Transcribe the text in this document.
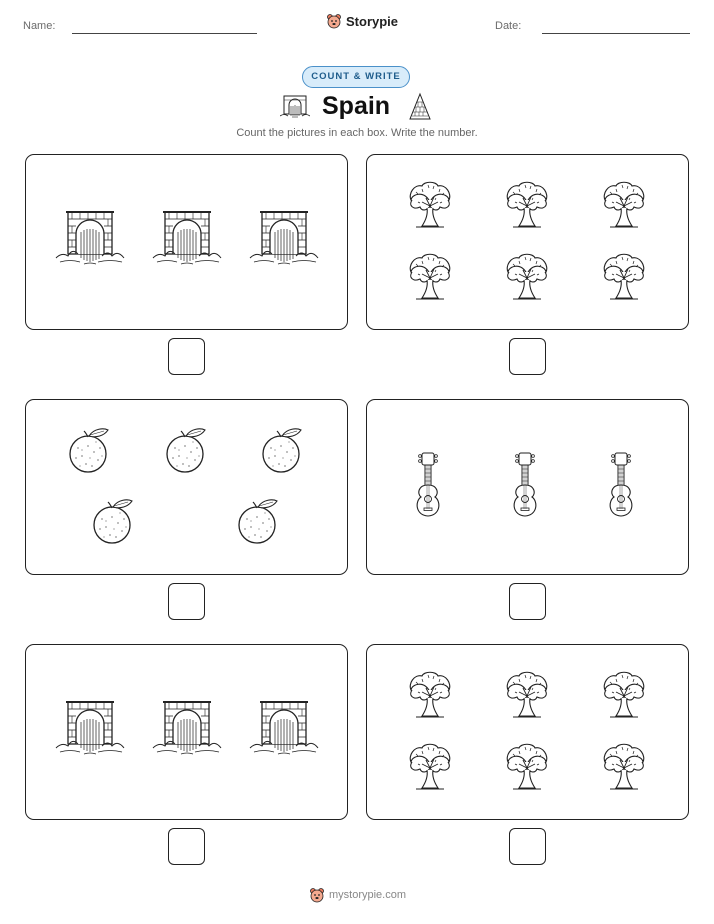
Name:	Storypie	Date:
COUNT & WRITE
Spain
Count the pictures in each box. Write the number.
mystorypie.com
